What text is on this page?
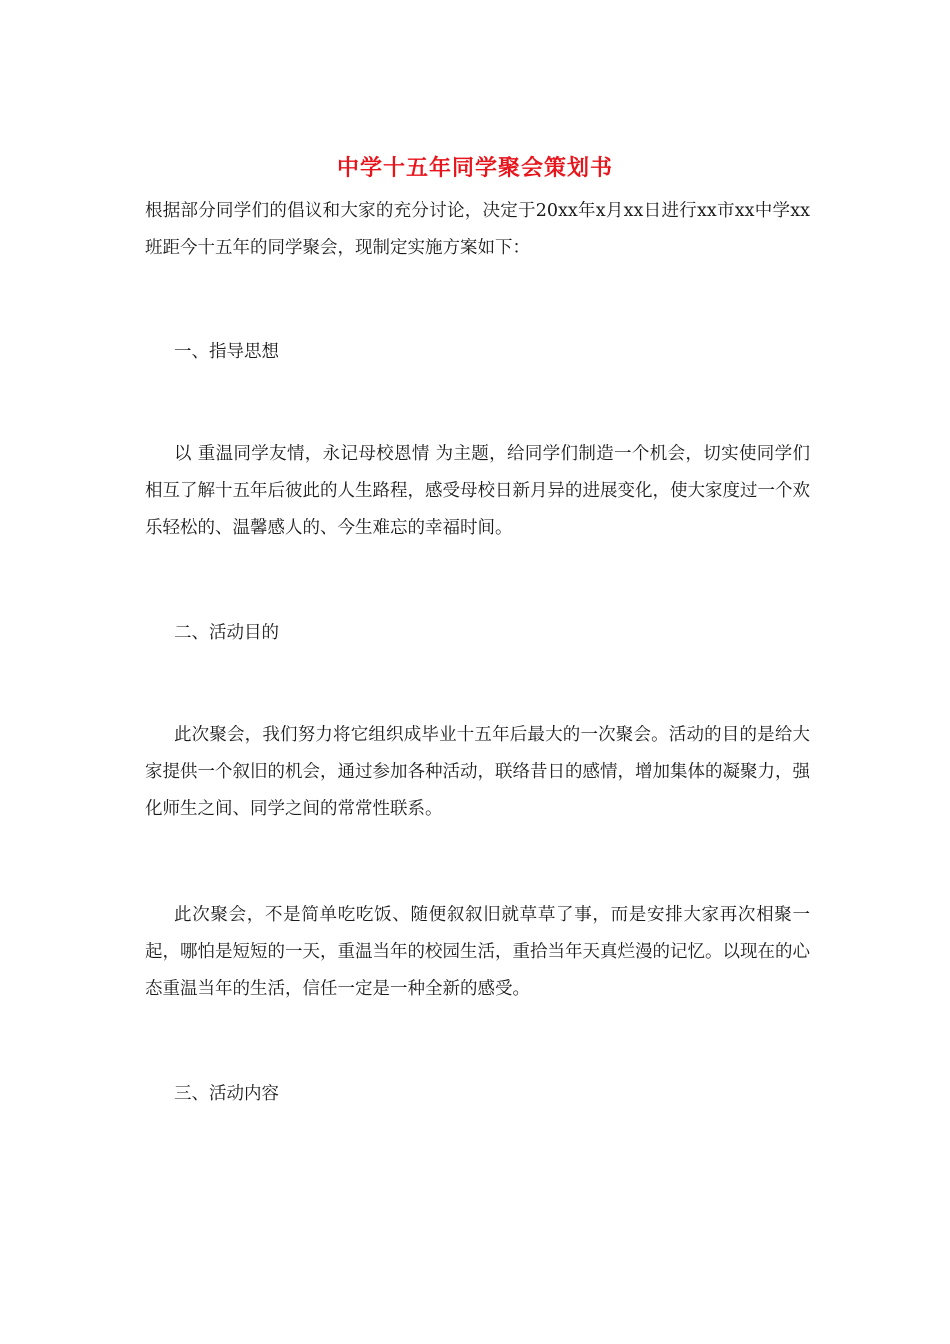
中学十五年同学聚会策划书

根据部分同学们的倡议和大家的充分讨论，决定于20xx年x月xx日进行xx市xx中学xx班距今十五年的同学聚会，现制定实施方案如下：

一、指导思想

以 重温同学友情，永记母校恩情 为主题，给同学们制造一个机会，切实使同学们相互了解十五年后彼此的人生路程，感受母校日新月异的进展变化，使大家度过一个欢乐轻松的、温馨感人的、今生难忘的幸福时间。

二、活动目的

此次聚会，我们努力将它组织成毕业十五年后最大的一次聚会。活动的目的是给大家提供一个叙旧的机会，通过参加各种活动，联络昔日的感情，增加集体的凝聚力，强化师生之间、同学之间的常常性联系。

此次聚会，不是简单吃吃饭、随便叙叙旧就草草了事，而是安排大家再次相聚一起，哪怕是短短的一天，重温当年的校园生活，重拾当年天真烂漫的记忆。以现在的心态重温当年的生活，信任一定是一种全新的感受。

三、活动内容
